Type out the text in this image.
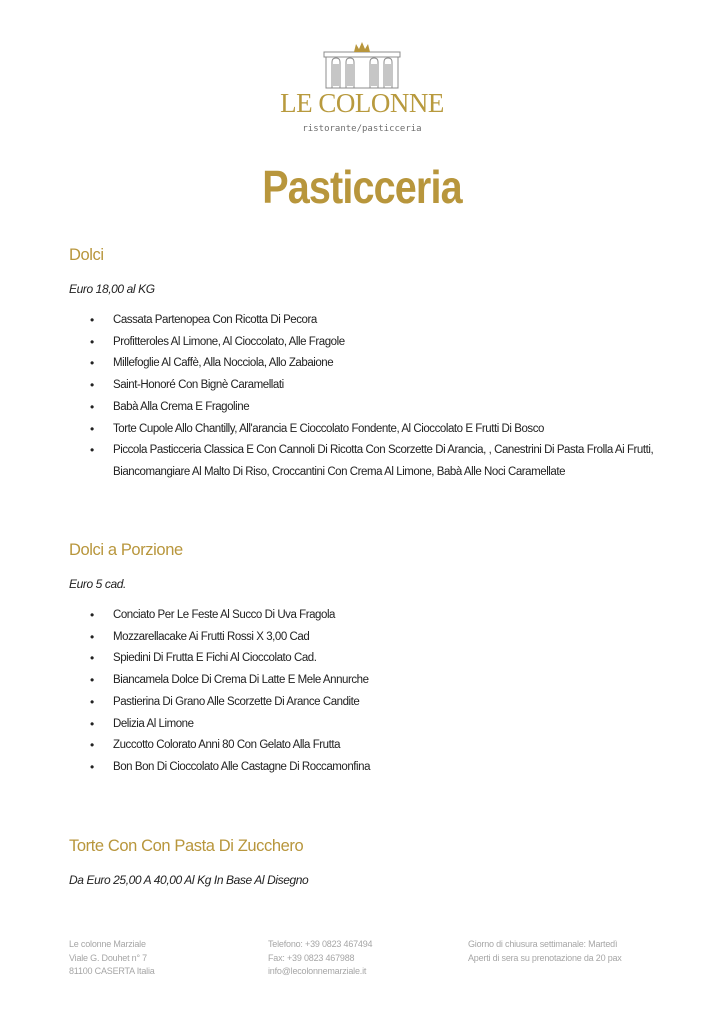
LE COLONNE
ristorante/pasticceria
Pasticceria
Dolci

Euro 18,00 al KG

• Cassata Partenopea Con Ricotta Di Pecora
• Profitteroles Al Limone, Al Cioccolato, Alle Fragole
• Millefoglie Al Caffè, Alla Nocciola, Allo Zabaione
• Saint-Honoré Con Bignè Caramellati
• Babà Alla Crema E Fragoline
• Torte Cupole Allo Chantilly, All'arancia E Cioccolato Fondente, Al Cioccolato E Frutti Di Bosco
• Piccola Pasticceria Classica E Con Cannoli Di Ricotta Con Scorzette Di Arancia, , Canestrini Di Pasta Frolla Ai Frutti,
Biancomangiare Al Malto Di Riso, Croccantini Con Crema Al Limone, Babà Alle Noci Caramellate
Dolci a Porzione

Euro 5 cad.

• Conciato Per Le Feste Al Succo Di Uva Fragola
• Mozzarellacake Ai Frutti Rossi X 3,00 Cad
• Spiedini Di Frutta E Fichi Al Cioccolato Cad.
• Biancamela Dolce Di Crema Di Latte E Mele Annurche
• Pastierina Di Grano Alle Scorzette Di Arance Candite
• Delizia Al Limone
• Zuccotto Colorato Anni 80 Con Gelato Alla Frutta
• Bon Bon Di Cioccolato Alle Castagne Di Roccamonfina
Torte Con Con Pasta Di Zucchero

Da Euro 25,00 A 40,00 Al Kg In Base Al Disegno

Le colonne Marziale
Viale G. Douhet n° 7
81100 CASERTA Italia
Telefono: +39 0823 467494
Fax: +39 0823 467988
info@lecolonnemarziale.it
Giorno di chiusura settimanale: Martedì
Aperti di sera su prenotazione da 20 pax
